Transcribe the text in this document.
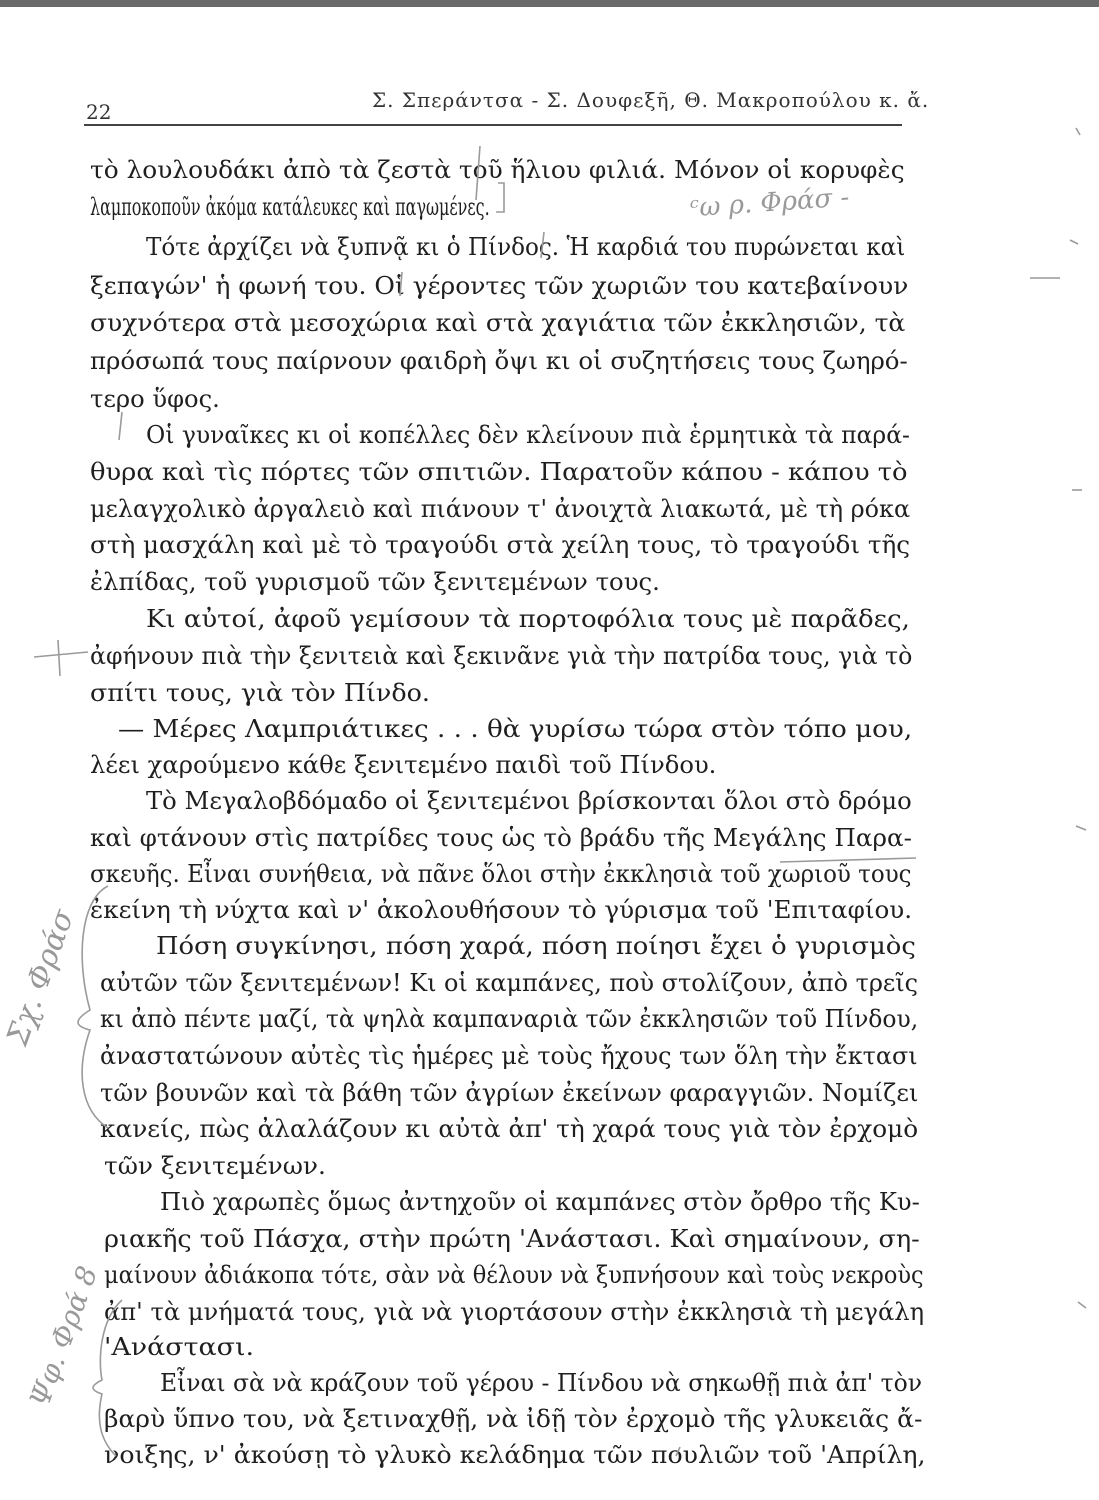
22	Σ. Σπεράντσα - Σ. Δουφεξῆ, Θ. Μακροπούλου κ. ἄ.
τὸ λουλουδάκι ἀπὸ τὰ ζεστὰ τοῦ ἥλιου φιλιά. Μόνον οἱ κορυφὲς
λαμποκοποῦν ἀκόμα κατάλευκες καὶ παγωμένες.
Τότε ἀρχίζει νὰ ξυπνᾷ κι ὁ Πίνδος. Ἡ καρδιά του πυρώνεται καὶ
ξεπαγών' ἡ φωνή του. Οἱ γέροντες τῶν χωριῶν του κατεβαίνουν
συχνότερα στὰ μεσοχώρια καὶ στὰ χαγιάτια τῶν ἐκκλησιῶν, τὰ
πρόσωπά τους παίρνουν φαιδρὴ ὄψι κι οἱ συζητήσεις τους ζωηρό-
τερο ὕφος.
Οἱ γυναῖκες κι οἱ κοπέλλες δὲν κλείνουν πιὰ ἑρμητικὰ τὰ παρά-
θυρα καὶ τὶς πόρτες τῶν σπιτιῶν. Παρατοῦν κάπου - κάπου τὸ
μελαγχολικὸ ἀργαλειὸ καὶ πιάνουν τ' ἀνοιχτὰ λιακωτά, μὲ τὴ ρόκα
στὴ μασχάλη καὶ μὲ τὸ τραγούδι στὰ χείλη τους, τὸ τραγούδι τῆς
ἐλπίδας, τοῦ γυρισμοῦ τῶν ξενιτεμένων τους.
Κι αὐτοί, ἀφοῦ γεμίσουν τὰ πορτοφόλια τους μὲ παρᾶδες,
ἀφήνουν πιὰ τὴν ξενιτειὰ καὶ ξεκινᾶνε γιὰ τὴν πατρίδα τους, γιὰ τὸ
σπίτι τους, γιὰ τὸν Πίνδο.
— Μέρες Λαμπριάτικες . . . θὰ γυρίσω τώρα στὸν τόπο μου,
λέει χαρούμενο κάθε ξενιτεμένο παιδὶ τοῦ Πίνδου.
Τὸ Μεγαλοβδόμαδο οἱ ξενιτεμένοι βρίσκονται ὅλοι στὸ δρόμο
καὶ φτάνουν στὶς πατρίδες τους ὡς τὸ βράδυ τῆς Μεγάλης Παρα-
σκευῆς. Εἶναι συνήθεια, νὰ πᾶνε ὅλοι στὴν ἐκκλησιὰ τοῦ χωριοῦ τους
ἐκείνη τὴ νύχτα καὶ ν' ἀκολουθήσουν τὸ γύρισμα τοῦ 'Επιταφίου.
Πόση συγκίνησι, πόση χαρά, πόση ποίησι ἔχει ὁ γυρισμὸς
αὐτῶν τῶν ξενιτεμένων! Κι οἱ καμπάνες, ποὺ στολίζουν, ἀπὸ τρεῖς
κι ἀπὸ πέντε μαζί, τὰ ψηλὰ καμπαναριὰ τῶν ἐκκλησιῶν τοῦ Πίνδου,
ἀναστατώνουν αὐτὲς τὶς ἡμέρες μὲ τοὺς ἤχους των ὅλη τὴν ἔκτασι
τῶν βουνῶν καὶ τὰ βάθη τῶν ἀγρίων ἐκείνων φαραγγιῶν. Νομίζει
κανείς, πὼς ἀλαλάζουν κι αὐτὰ ἀπ' τὴ χαρά τους γιὰ τὸν ἐρχομὸ
τῶν ξενιτεμένων.
Πιὸ χαρωπὲς ὅμως ἀντηχοῦν οἱ καμπάνες στὸν ὄρθρο τῆς Κυ-
ριακῆς τοῦ Πάσχα, στὴν πρώτη 'Ανάστασι. Καὶ σημαίνουν, ση-
μαίνουν ἀδιάκοπα τότε, σὰν νὰ θέλουν νὰ ξυπνήσουν καὶ τοὺς νεκροὺς
ἀπ' τὰ μνήματά τους, γιὰ νὰ γιορτάσουν στὴν ἐκκλησιὰ τὴ μεγάλη
'Ανάστασι.
Εἶναι σὰ νὰ κράζουν τοῦ γέρου - Πίνδου νὰ σηκωθῇ πιὰ ἀπ' τὸν
βαρὺ ὕπνο του, νὰ ξετιναχθῇ, νὰ ἰδῇ τὸν ἐρχομὸ τῆς γλυκειᾶς ἄ-
νοιξης, ν' ἀκούσῃ τὸ γλυκὸ κελάδημα τῶν πουλιῶν τοῦ 'Απρίλη,
ᶜω ρ. Φράσ -
Σχ. Φράσ
Ψφ. Φρά 8
